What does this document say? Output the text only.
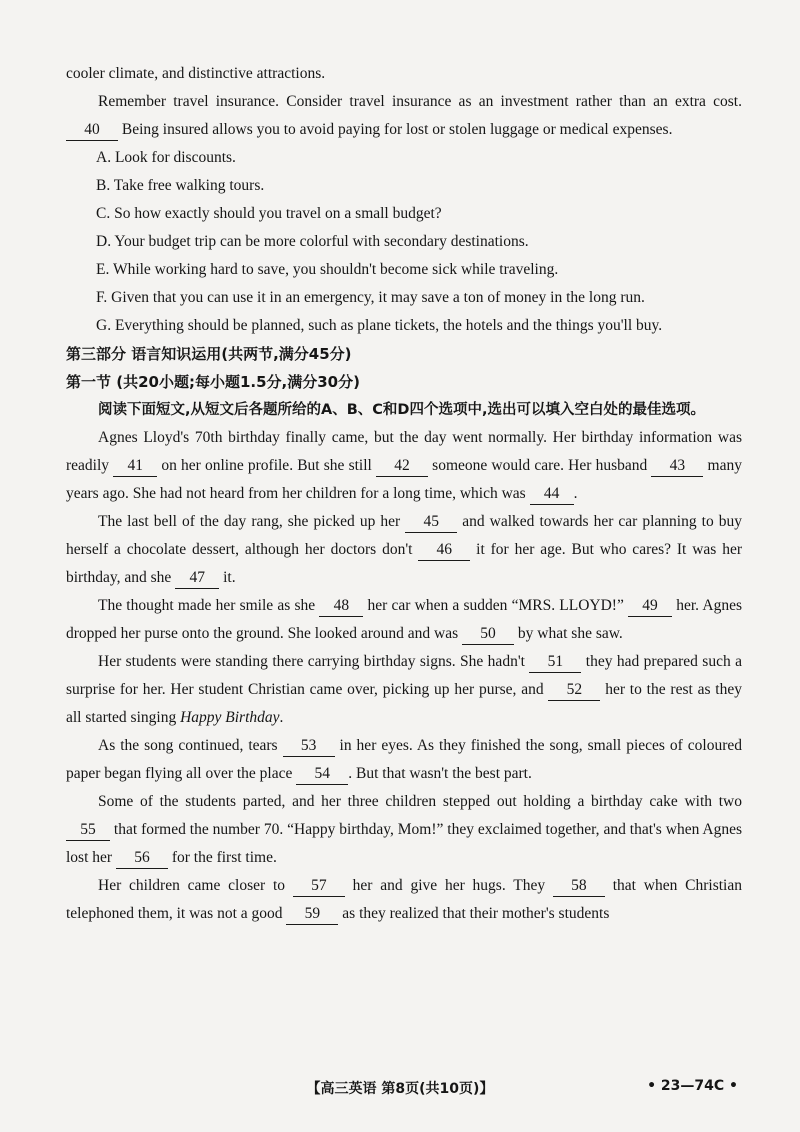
cooler climate, and distinctive attractions.

Remember travel insurance. Consider travel insurance as an investment rather than an extra cost. 40 Being insured allows you to avoid paying for lost or stolen luggage or medical expenses.

A. Look for discounts.

B. Take free walking tours.

C. So how exactly should you travel on a small budget?

D. Your budget trip can be more colorful with secondary destinations.

E. While working hard to save, you shouldn't become sick while traveling.

F. Given that you can use it in an emergency, it may save a ton of money in the long run.

G. Everything should be planned, such as plane tickets, the hotels and the things you'll buy.

第三部分 语言知识运用(共两节,满分45分)

第一节 (共20小题;每小题1.5分,满分30分)

阅读下面短文,从短文后各题所给的A、B、C和D四个选项中,选出可以填入空白处的最佳选项。

Agnes Lloyd's 70th birthday finally came, but the day went normally. Her birthday information was readily 41 on her online profile. But she still 42 someone would care. Her husband 43 many years ago. She had not heard from her children for a long time, which was 44 .

The last bell of the day rang, she picked up her 45 and walked towards her car planning to buy herself a chocolate dessert, although her doctors don't 46 it for her age. But who cares? It was her birthday, and she 47 it.

The thought made her smile as she 48 her car when a sudden “MRS. LLOYD!” 49 her. Agnes dropped her purse onto the ground. She looked around and was 50 by what she saw.

Her students were standing there carrying birthday signs. She hadn't 51 they had prepared such a surprise for her. Her student Christian came over, picking up her purse, and 52 her to the rest as they all started singing Happy Birthday.

As the song continued, tears 53 in her eyes. As they finished the song, small pieces of coloured paper began flying all over the place 54 . But that wasn't the best part.

Some of the students parted, and her three children stepped out holding a birthday cake with two 55 that formed the number 70. “Happy birthday, Mom!” they exclaimed together, and that's when Agnes lost her 56 for the first time.

Her children came closer to 57 her and give her hugs. They 58 that when Christian telephoned them, it was not a good 59 as they realized that their mother's students

【高三英语 第8页(共10页)】	• 23—74C •
